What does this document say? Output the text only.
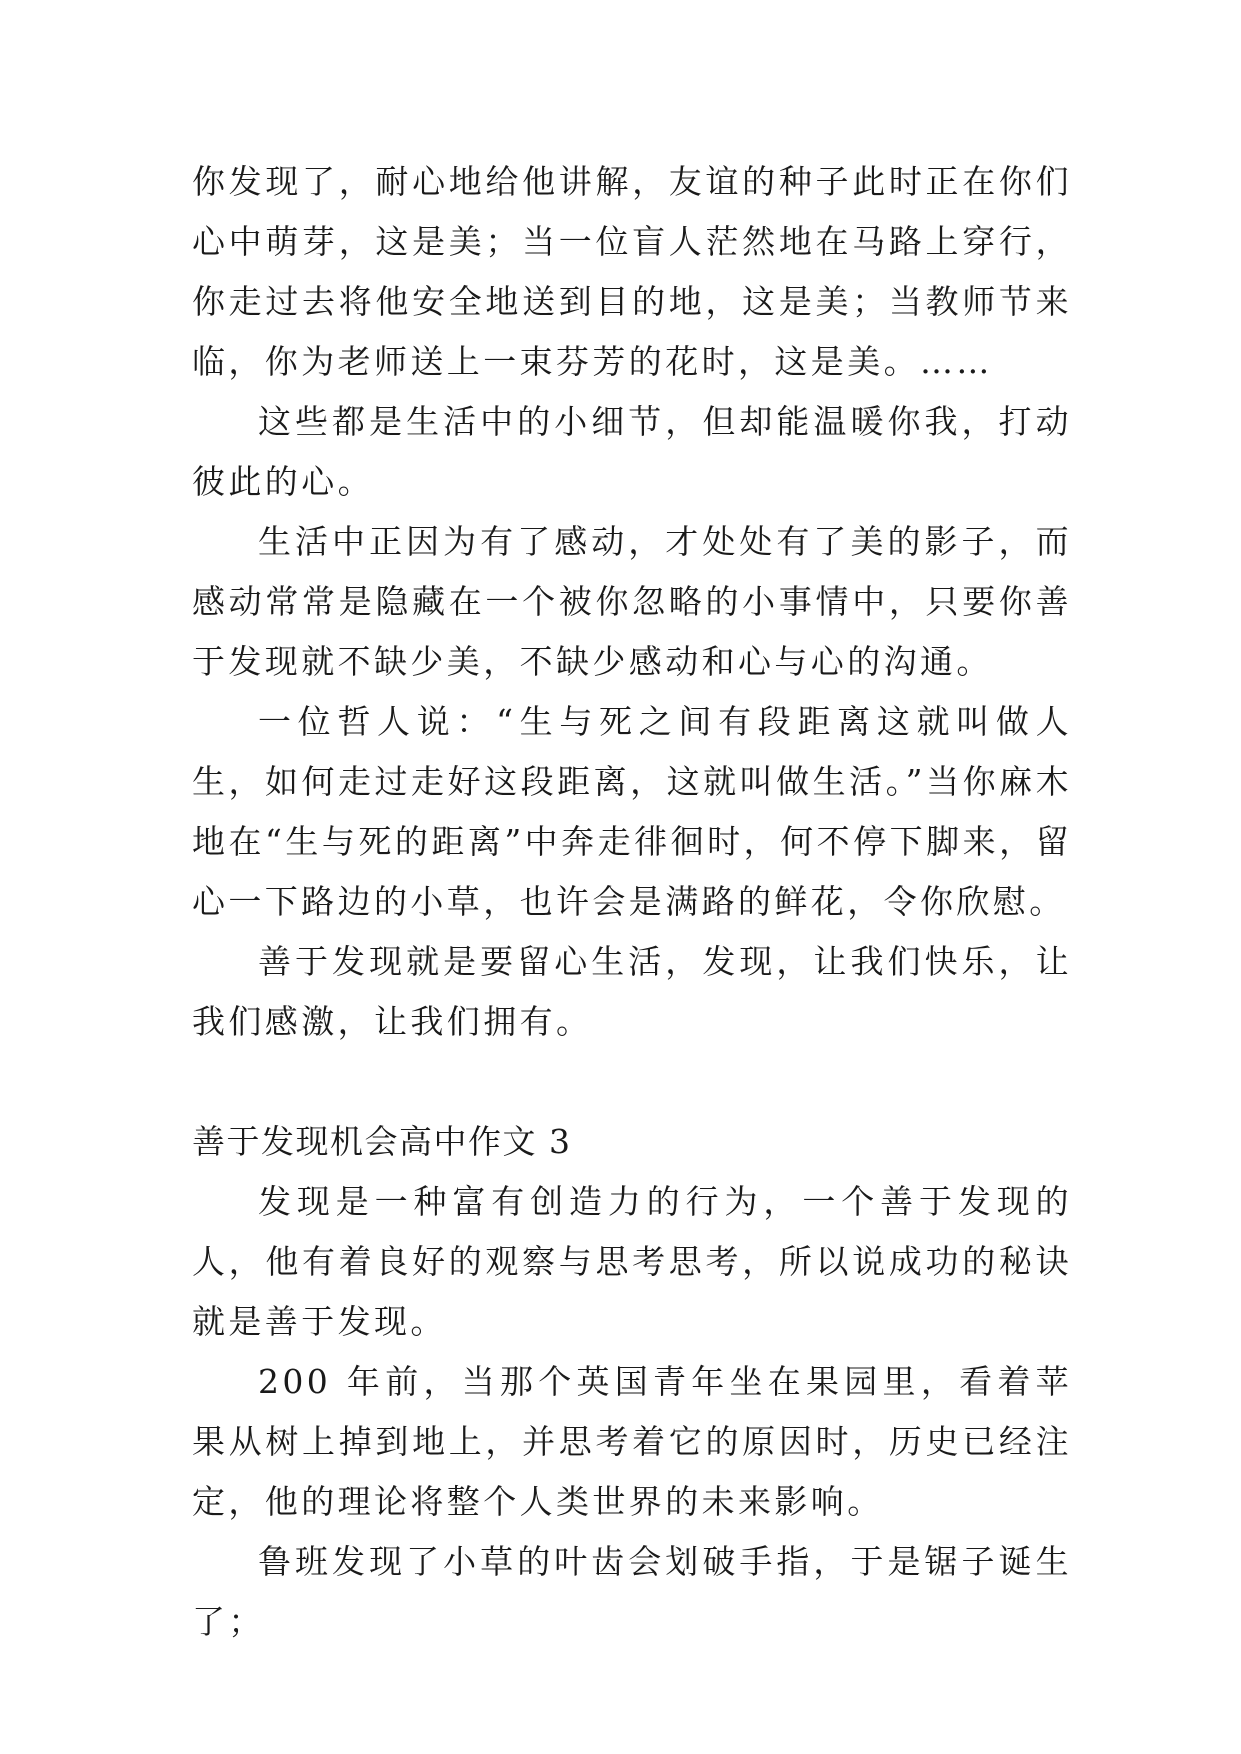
你发现了，耐心地给他讲解，友谊的种子此时正在你们心中萌芽，这是美；当一位盲人茫然地在马路上穿行，你走过去将他安全地送到目的地，这是美；当教师节来临，你为老师送上一束芬芳的花时，这是美。……

这些都是生活中的小细节，但却能温暖你我，打动彼此的心。

生活中正因为有了感动，才处处有了美的影子，而感动常常是隐藏在一个被你忽略的小事情中，只要你善于发现就不缺少美，不缺少感动和心与心的沟通。

一位哲人说：“生与死之间有段距离这就叫做人生，如何走过走好这段距离，这就叫做生活。”当你麻木地在“生与死的距离”中奔走徘徊时，何不停下脚来，留心一下路边的小草，也许会是满路的鲜花，令你欣慰。

善于发现就是要留心生活，发现，让我们快乐，让我们感激，让我们拥有。

善于发现机会高中作文 3

发现是一种富有创造力的行为，一个善于发现的人，他有着良好的观察与思考思考，所以说成功的秘诀就是善于发现。

200 年前，当那个英国青年坐在果园里，看着苹果从树上掉到地上，并思考着它的原因时，历史已经注定，他的理论将整个人类世界的未来影响。

鲁班发现了小草的叶齿会划破手指，于是锯子诞生了；
